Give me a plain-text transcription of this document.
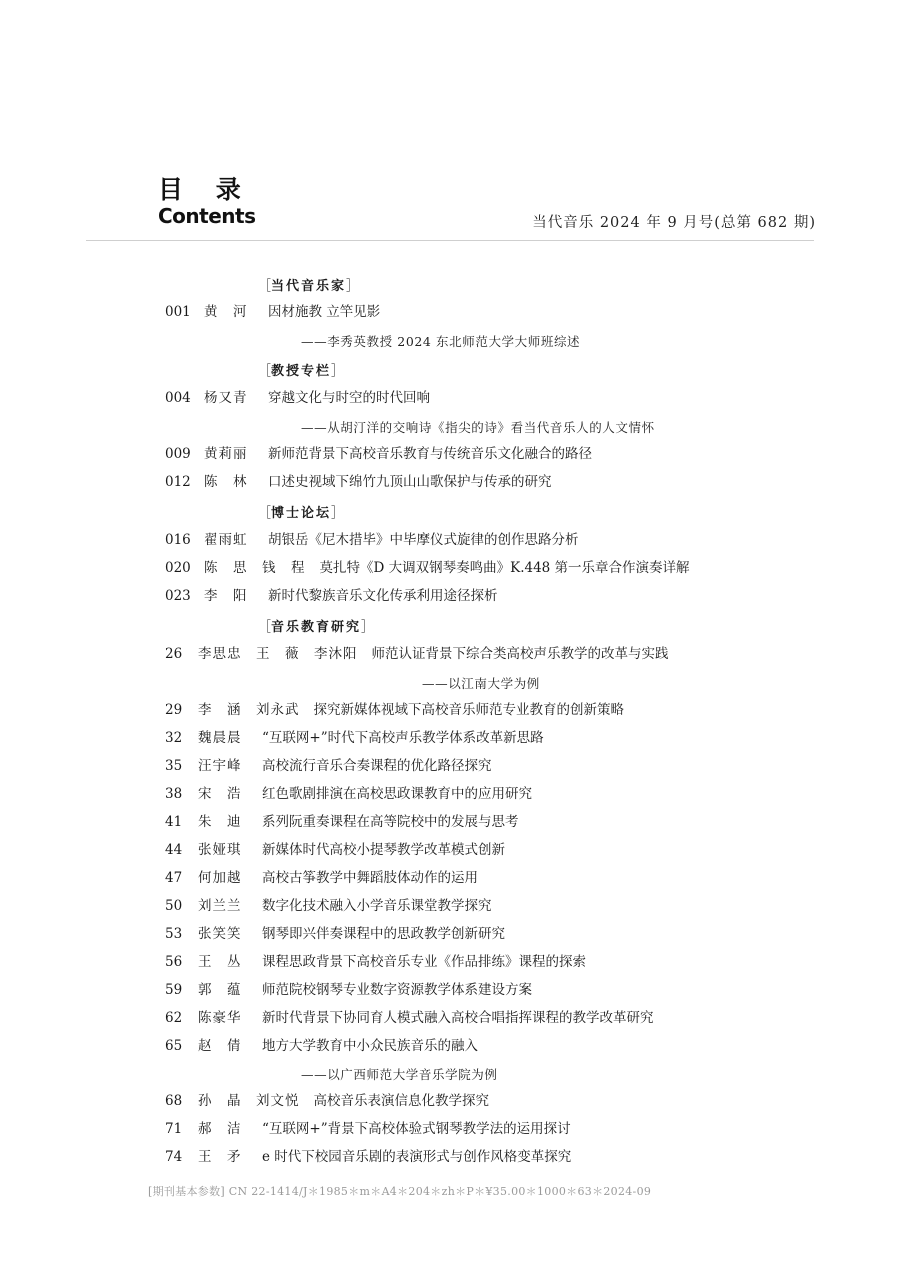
目 录
Contents	当代音乐 2024 年 9 月号(总第 682 期)
［当代音乐家］
001 黄　河 因材施教 立竿见影
——李秀英教授 2024 东北师范大学大师班综述
［教授专栏］
004 杨又青 穿越文化与时空的时代回响
——从胡汀洋的交响诗《指尖的诗》看当代音乐人的人文情怀
009 黄莉丽 新师范背景下高校音乐教育与传统音乐文化融合的路径
012 陈　林 口述史视域下绵竹九顶山山歌保护与传承的研究
［博士论坛］
016 翟雨虹 胡银岳《尼木措毕》中毕摩仪式旋律的创作思路分析
020 陈　思　钱　程 莫扎特《D 大调双钢琴奏鸣曲》K.448 第一乐章合作演奏详解
023 李　阳 新时代黎族音乐文化传承利用途径探析
［音乐教育研究］
26 李思忠　王　薇　李沐阳 师范认证背景下综合类高校声乐教学的改革与实践
——以江南大学为例
29 李　涵　刘永武 探究新媒体视域下高校音乐师范专业教育的创新策略
32 魏晨晨 “互联网+”时代下高校声乐教学体系改革新思路
35 汪宇峰 高校流行音乐合奏课程的优化路径探究
38 宋　浩 红色歌剧排演在高校思政课教育中的应用研究
41 朱　迪 系列阮重奏课程在高等院校中的发展与思考
44 张娅琪 新媒体时代高校小提琴教学改革模式创新
47 何加越 高校古筝教学中舞蹈肢体动作的运用
50 刘兰兰 数字化技术融入小学音乐课堂教学探究
53 张笑笑 钢琴即兴伴奏课程中的思政教学创新研究
56 王　丛 课程思政背景下高校音乐专业《作品排练》课程的探索
59 郭　蕴 师范院校钢琴专业数字资源教学体系建设方案
62 陈豪华 新时代背景下协同育人模式融入高校合唱指挥课程的教学改革研究
65 赵　倩 地方大学教育中小众民族音乐的融入
——以广西师范大学音乐学院为例
68 孙　晶　刘文悦 高校音乐表演信息化教学探究
71 郝　洁 “互联网+”背景下高校体验式钢琴教学法的运用探讨
74 王　矛 e 时代下校园音乐剧的表演形式与创作风格变革探究
[期刊基本参数] CN 22-1414/J＊1985＊m＊A4＊204＊zh＊P＊¥35.00＊1000＊63＊2024-09
